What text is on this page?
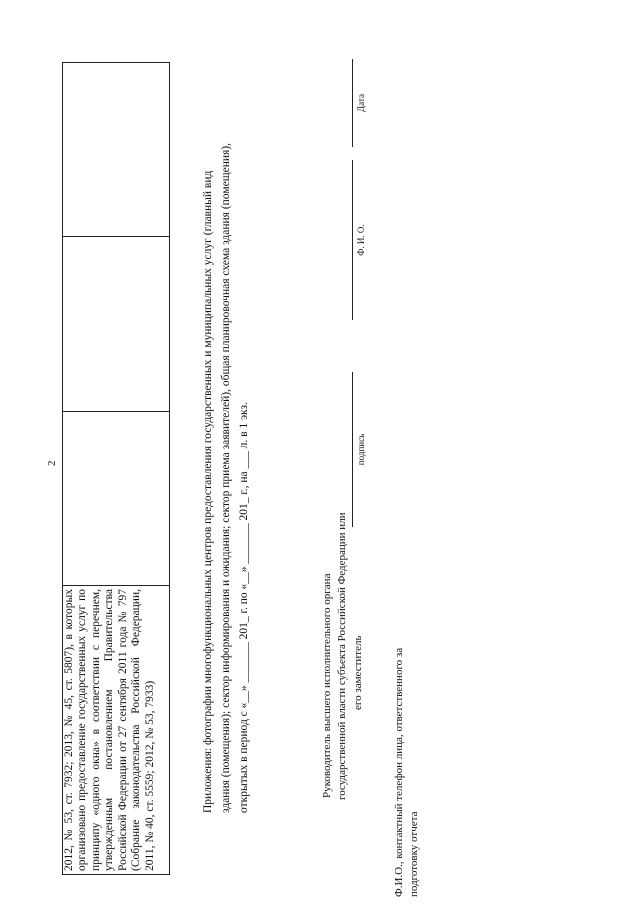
2
2012, № 53, ст. 7932; 2013, № 45, ст. 5807), в которых организовано предоставление государственных услуг по принципу «одного окна» в соответствии с перечнем, утвержденным постановлением Правительства Российской Федерации от 27 сентября 2011 года № 797 (Собрание законодательства Российской Федерации, 2011, № 40, ст. 5559; 2012, № 53, 7933)				Приложения: фотографии многофункциональных центров предоставления государственных и муниципальных услуг (главный вид здания (помещения); сектор информирования и ожидания; сектор приема заявителей), общая планировочная схема здания (помещения), открытых в период с «__» _______ 201_ г. по «__» _______ 201_ г., на ___ л. в 1 экз.	Руководитель высшего исполнительного органа государственной власти субъекта Российской Федерации или его заместитель
подпись
Ф. И. О.
Дата
Ф.И.О., контактный телефон лица, ответственного за подготовку отчета
